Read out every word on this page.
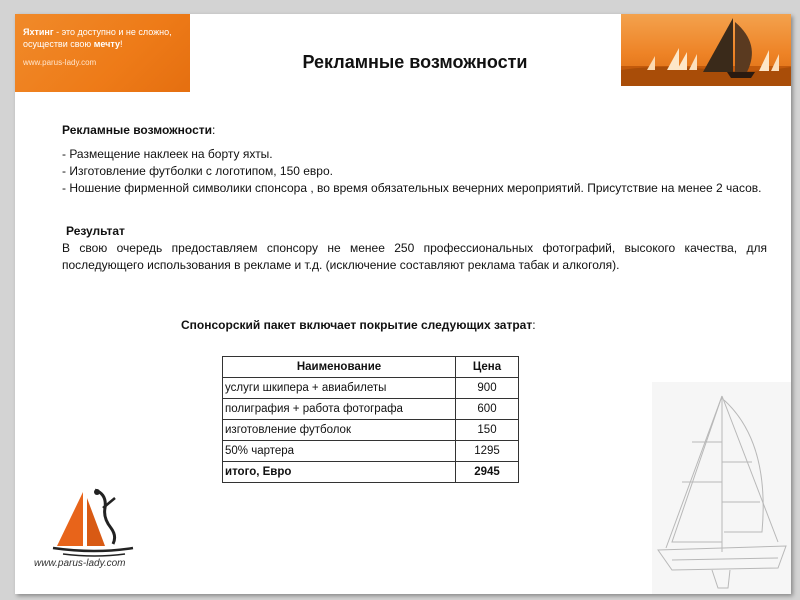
Яхтинг - это доступно и не сложно, осуществи свою мечту!
www.parus-lady.com	Рекламные возможности
Рекламные возможности:
- Размещение наклеек на борту яхты.
- Изготовление футболки с логотипом, 150 евро.
- Ношение фирменной символики спонсора , во время обязательных вечерних мероприятий. Присутствие на менее 2 часов.
Результат
В свою очередь предоставляем спонсору не менее 250 профессиональных фотографий, высокого качества, для последующего использования в рекламе и т.д. (исключение составляют реклама табак и алкоголя).
Спонсорский пакет включает покрытие следующих затрат:
Наименование	Цена
услуги шкипера + авиабилеты	900
полиграфия + работа фотографа	600
изготовление футболок	150
50% чартера	1295
итого, Евро	2945
www.parus-lady.com
